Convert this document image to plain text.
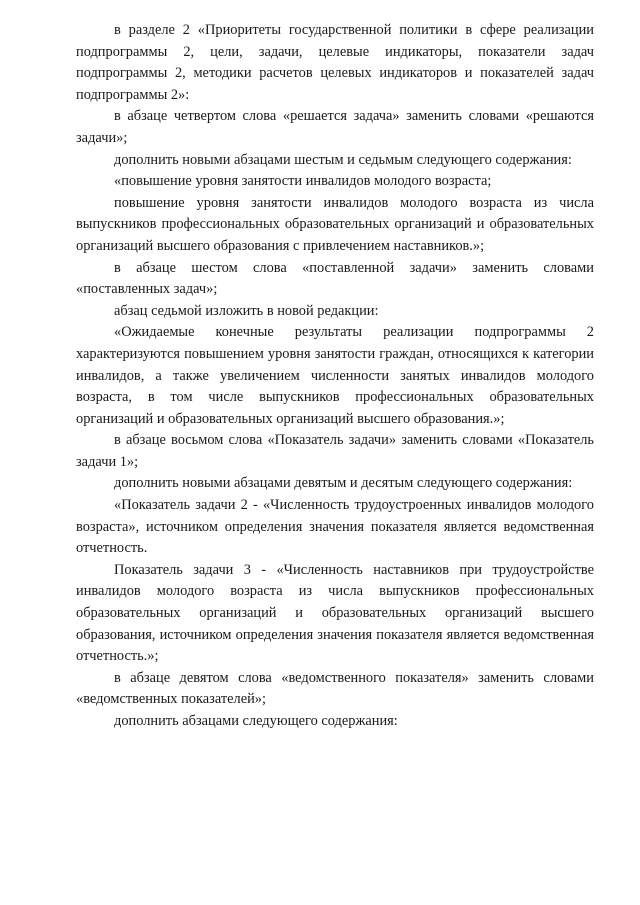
в разделе 2 «Приоритеты государственной политики в сфере реализации подпрограммы 2, цели, задачи, целевые индикаторы, показатели задач подпрограммы 2, методики расчетов целевых индикаторов и показателей задач подпрограммы 2»:

в абзаце четвертом слова «решается задача» заменить словами «решаются задачи»;

дополнить новыми абзацами шестым и седьмым следующего содержания:

«повышение уровня занятости инвалидов молодого возраста;

повышение уровня занятости инвалидов молодого возраста из числа выпускников профессиональных образовательных организаций и образовательных организаций высшего образования с привлечением наставников.»;

в абзаце шестом слова «поставленной задачи» заменить словами «поставленных задач»;

абзац седьмой изложить в новой редакции:

«Ожидаемые конечные результаты реализации подпрограммы 2 характеризуются повышением уровня занятости граждан, относящихся к категории инвалидов, а также увеличением численности занятых инвалидов молодого возраста, в том числе выпускников профессиональных образовательных организаций и образовательных организаций высшего образования.»;

в абзаце восьмом слова «Показатель задачи» заменить словами «Показатель задачи 1»;

дополнить новыми абзацами девятым и десятым следующего содержания:

«Показатель задачи 2 - «Численность трудоустроенных инвалидов молодого возраста», источником определения значения показателя является ведомственная отчетность.

Показатель задачи 3 - «Численность наставников при трудоустройстве инвалидов молодого возраста из числа выпускников профессиональных образовательных организаций и образовательных организаций высшего образования, источником определения значения показателя является ведомственная отчетность.»;

в абзаце девятом слова «ведомственного показателя» заменить словами «ведомственных показателей»;

дополнить абзацами следующего содержания:
